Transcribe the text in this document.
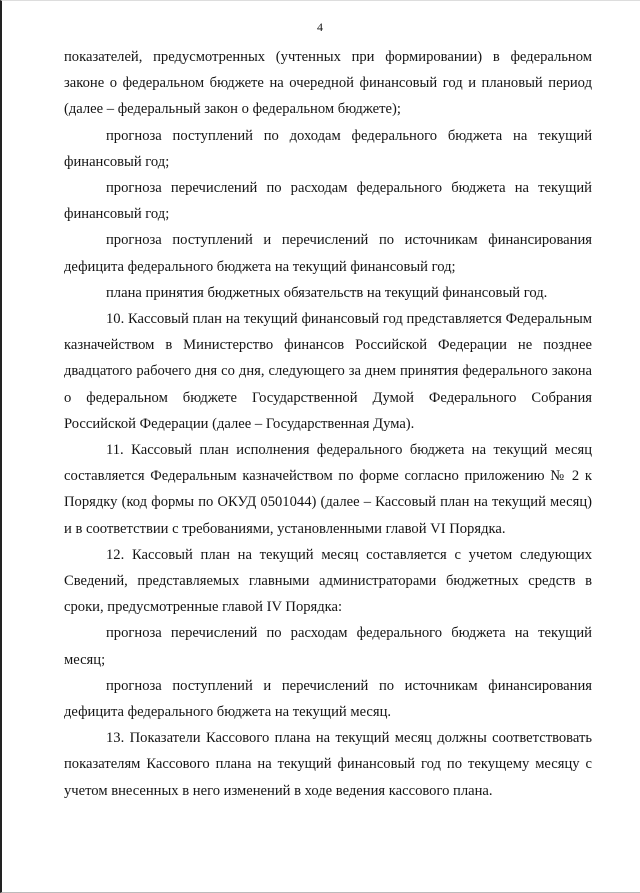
4

показателей, предусмотренных (учтенных при формировании) в федеральном законе о федеральном бюджете на очередной финансовый год и плановый период (далее – федеральный закон о федеральном бюджете);

прогноза поступлений по доходам федерального бюджета на текущий финансовый год;

прогноза перечислений по расходам федерального бюджета на текущий финансовый год;

прогноза поступлений и перечислений по источникам финансирования дефицита федерального бюджета на текущий финансовый год;

плана принятия бюджетных обязательств на текущий финансовый год.

10. Кассовый план на текущий финансовый год представляется Федеральным казначейством в Министерство финансов Российской Федерации не позднее двадцатого рабочего дня со дня, следующего за днем принятия федерального закона о федеральном бюджете Государственной Думой Федерального Собрания Российской Федерации (далее – Государственная Дума).

11. Кассовый план исполнения федерального бюджета на текущий месяц составляется Федеральным казначейством по форме согласно приложению № 2 к Порядку (код формы по ОКУД 0501044) (далее – Кассовый план на текущий месяц) и в соответствии с требованиями, установленными главой VI Порядка.

12. Кассовый план на текущий месяц составляется с учетом следующих Сведений, представляемых главными администраторами бюджетных средств в сроки, предусмотренные главой IV Порядка:

прогноза перечислений по расходам федерального бюджета на текущий месяц;

прогноза поступлений и перечислений по источникам финансирования дефицита федерального бюджета на текущий месяц.

13. Показатели Кассового плана на текущий месяц должны соответствовать показателям Кассового плана на текущий финансовый год по текущему месяцу с учетом внесенных в него изменений в ходе ведения кассового плана.
